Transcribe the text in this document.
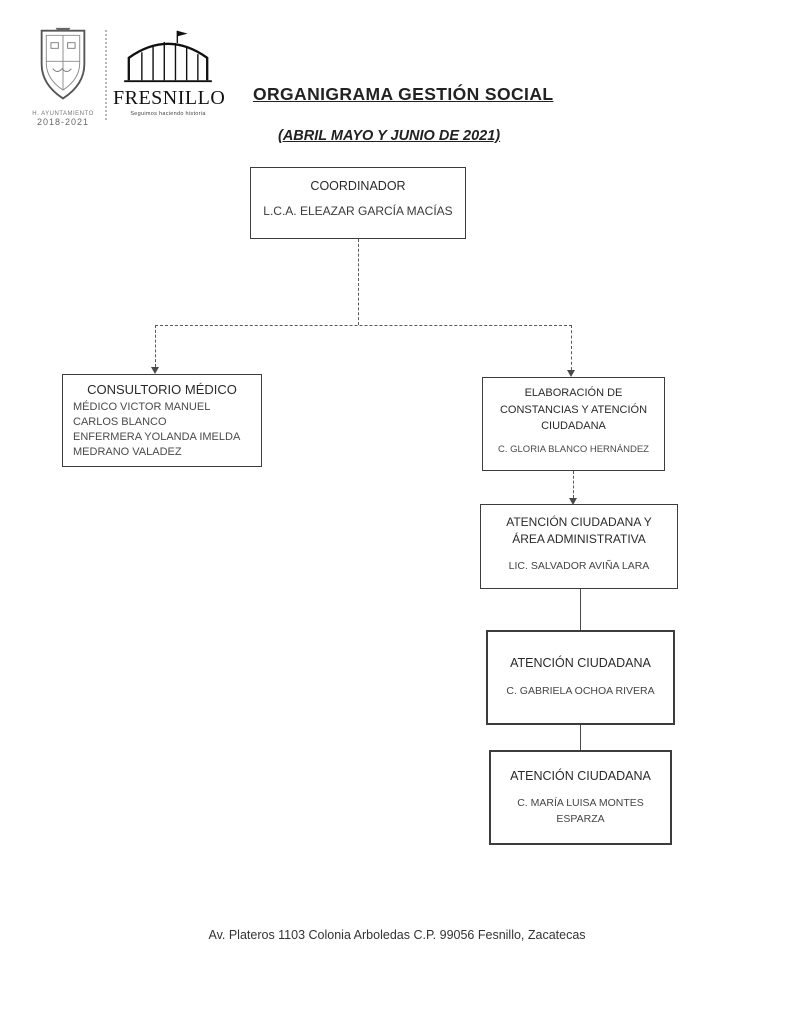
H. AYUNTAMIENTO
2018-2021
FRESNILLO
Seguimos haciendo historia
ORGANIGRAMA GESTIÓN SOCIAL
(ABRIL MAYO Y JUNIO DE 2021)
COORDINADOR
L.C.A. ELEAZAR GARCÍA MACÍAS
CONSULTORIO MÉDICO
MÉDICO VICTOR MANUEL
CARLOS BLANCO
ENFERMERA YOLANDA IMELDA
MEDRANO VALADEZ
ELABORACIÓN DE CONSTANCIAS Y ATENCIÓN CIUDADANA
C. GLORIA BLANCO HERNÁNDEZ
ATENCIÓN CIUDADANA Y ÁREA ADMINISTRATIVA
LIC. SALVADOR AVIÑA LARA
ATENCIÓN CIUDADANA
C. GABRIELA OCHOA RIVERA
ATENCIÓN CIUDADANA
C. MARÍA LUISA MONTES ESPARZA
Av. Plateros 1103 Colonia Arboledas C.P. 99056 Fesnillo, Zacatecas
